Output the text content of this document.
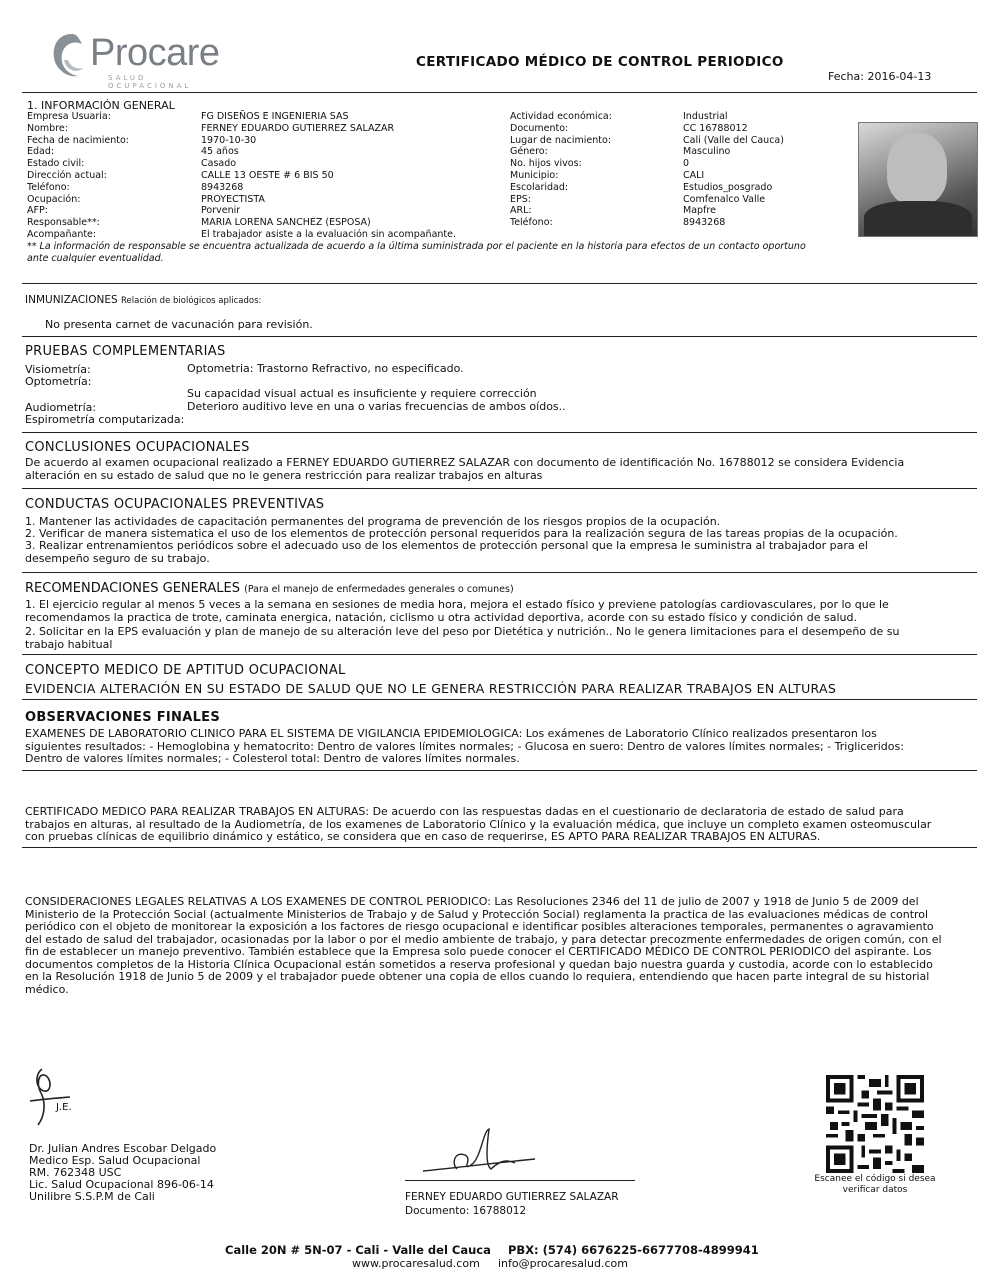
Procare
SALUD OCUPACIONAL
CERTIFICADO MÉDICO DE CONTROL PERIODICO
Fecha: 2016-04-13
1. INFORMACIÓN GENERAL
Empresa Usuaria:
Nombre:
Fecha de nacimiento:
Edad:
Estado civil:
Dirección actual:
Teléfono:
Ocupación:
AFP:
Responsable**:
Acompañante:
FG DISEÑOS E INGENIERIA SAS
FERNEY EDUARDO GUTIERREZ SALAZAR
1970-10-30
45 años
Casado
CALLE 13 OESTE # 6 BIS 50
8943268
PROYECTISTA
Porvenir
MARIA LORENA SANCHEZ (ESPOSA)
El trabajador asiste a la evaluación sin acompañante.
Actividad económica:
Documento:
Lugar de nacimiento:
Género:
No. hijos vivos:
Municipio:
Escolaridad:
EPS:
ARL:
Teléfono:
Industrial
CC 16788012
Cali (Valle del Cauca)
Masculino
0
CALI
Estudios_posgrado
Comfenalco Valle
Mapfre
8943268
** La información de responsable se encuentra actualizada de acuerdo a la última suministrada por el paciente en la historia para efectos de un contacto oportuno ante cualquier eventualidad.
INMUNIZACIONES Relación de biológicos aplicados:
No presenta carnet de vacunación para revisión.
PRUEBAS COMPLEMENTARIAS
Visiometría:
Optometría:
Audiometría:
Espirometría computarizada:
Optometria: Trastorno Refractivo, no especificado.
Su capacidad visual actual es insuficiente y requiere corrección
Deterioro auditivo leve en una o varias frecuencias de ambos oídos..
CONCLUSIONES OCUPACIONALES
De acuerdo al examen ocupacional realizado a FERNEY EDUARDO GUTIERREZ SALAZAR con documento de identificación No. 16788012 se considera Evidencia alteración en su estado de salud que no le genera restricción para realizar trabajos en alturas
CONDUCTAS OCUPACIONALES PREVENTIVAS
1. Mantener las actividades de capacitación permanentes del programa de prevención de los riesgos propios de la ocupación.
2. Verificar de manera sistematica el uso de los elementos de protección personal requeridos para la realización segura de las tareas propias de la ocupación.
3. Realizar entrenamientos periódicos sobre el adecuado uso de los elementos de protección personal que la empresa le suministra al trabajador para el desempeño seguro de su trabajo.
RECOMENDACIONES GENERALES (Para el manejo de enfermedades generales o comunes)
1. El ejercicio regular al menos 5 veces a la semana en sesiones de media hora, mejora el estado físico y previene patologías cardiovasculares, por lo que le recomendamos la practica de trote, caminata energica, natación, ciclismo u otra actividad deportiva, acorde con su estado físico y condición de salud.
2. Solicitar en la EPS evaluación y plan de manejo de su alteración leve del peso por Dietética y nutrición.. No le genera limitaciones para el desempeño de su trabajo habitual
CONCEPTO MEDICO DE APTITUD OCUPACIONAL
EVIDENCIA ALTERACIÓN EN SU ESTADO DE SALUD QUE NO LE GENERA RESTRICCIÓN PARA REALIZAR TRABAJOS EN ALTURAS
OBSERVACIONES FINALES
EXAMENES DE LABORATORIO CLINICO PARA EL SISTEMA DE VIGILANCIA EPIDEMIOLOGICA: Los exámenes de Laboratorio Clínico realizados presentaron los siguientes resultados: - Hemoglobina y hematocrito: Dentro de valores límites normales; - Glucosa en suero: Dentro de valores límites normales; - Trigliceridos: Dentro de valores límites normales; - Colesterol total: Dentro de valores límites normales.
CERTIFICADO MEDICO PARA REALIZAR TRABAJOS EN ALTURAS: De acuerdo con las respuestas dadas en el cuestionario de declaratoria de estado de salud para trabajos en alturas, al resultado de la Audiometría, de los examenes de Laboratorio Clínico y la evaluación médica, que incluye un completo examen osteomuscular con pruebas clínicas de equilibrio dinámico y estático, se considera que en caso de requerirse, ES APTO PARA REALIZAR TRABAJOS EN ALTURAS.
CONSIDERACIONES LEGALES RELATIVAS A LOS EXAMENES DE CONTROL PERIODICO: Las Resoluciones 2346 del 11 de julio de 2007 y 1918 de Junio 5 de 2009 del Ministerio de la Protección Social (actualmente Ministerios de Trabajo y de Salud y Protección Social) reglamenta la practica de las evaluaciones médicas de control periódico con el objeto de monitorear la exposición a los factores de riesgo ocupacional e identificar posibles alteraciones temporales, permanentes o agravamiento del estado de salud del trabajador, ocasionadas por la labor o por el medio ambiente de trabajo, y para detectar precozmente enfermedades de origen común, con el fin de establecer un manejo preventivo. También establece que la Empresa solo puede conocer el CERTIFICADO MÉDICO DE CONTROL PERIODICO del aspirante. Los documentos completos de la Historia Clínica Ocupacional están sometidos a reserva profesional y quedan bajo nuestra guarda y custodia, acorde con lo establecido en la Resolución 1918 de Junio 5 de 2009 y el trabajador puede obtener una copia de ellos cuando lo requiera, entendiendo que hacen parte integral de su historial médico.
J.E.
Dr. Julian Andres Escobar Delgado
Medico Esp. Salud Ocupacional
RM. 762348 USC
Lic. Salud Ocupacional 896-06-14
Unilibre S.S.P.M de Cali	FERNEY EDUARDO GUTIERREZ SALAZAR
Documento: 16788012
Escanee el código si desea verificar datos
Calle 20N # 5N-07 - Cali - Valle del Cauca PBX: (574) 6676225-6677708-4899941
www.procaresalud.com info@procaresalud.com
